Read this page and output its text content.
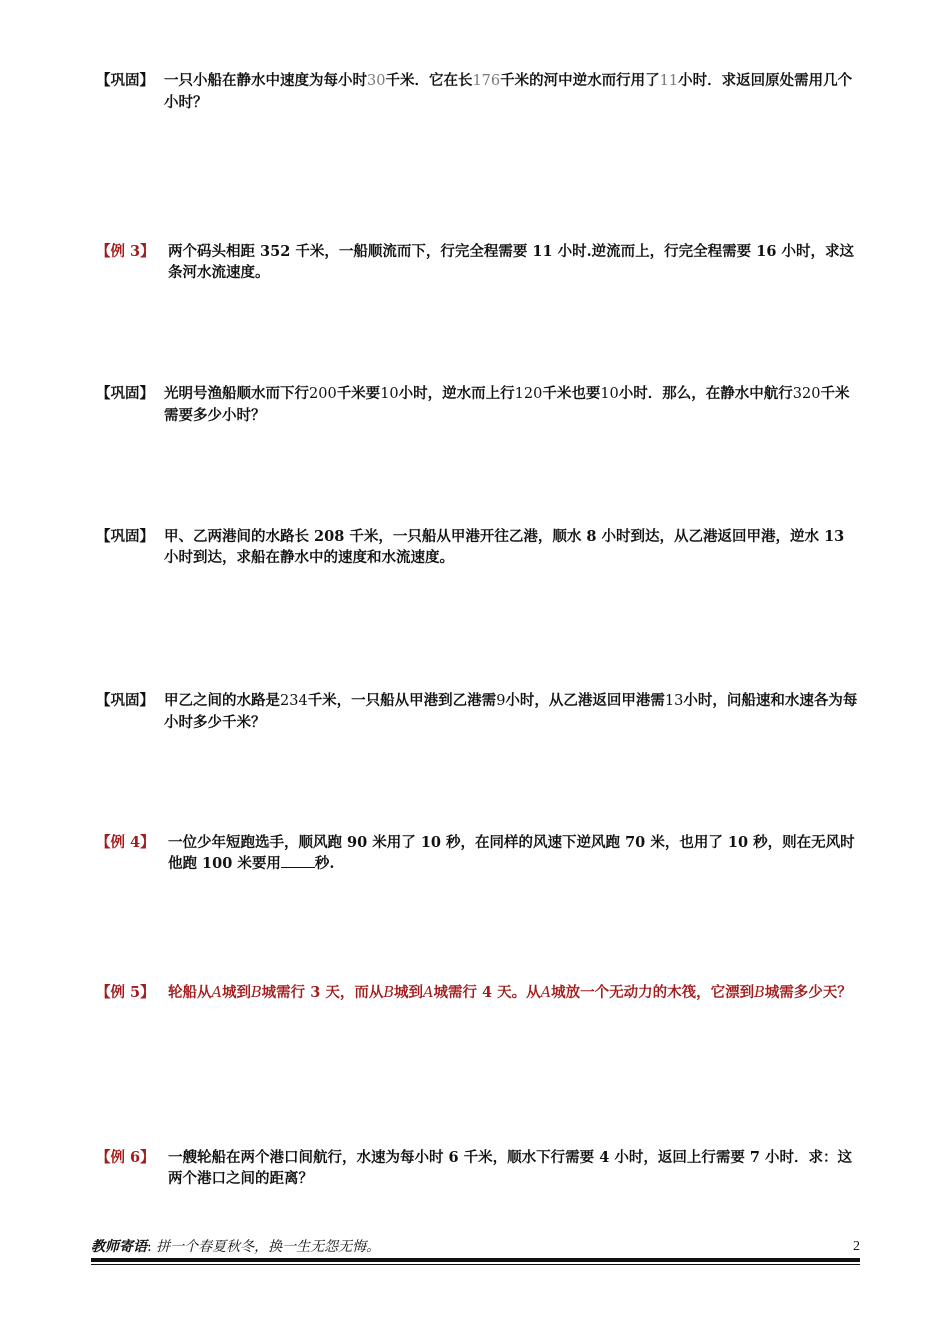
【巩固】 一只小船在静水中速度为每小时30千米．它在长176千米的河中逆水而行用了11小时．求返回原处需用几个小时？
【例 3】 两个码头相距 352 千米，一船顺流而下，行完全程需要 11 小时.逆流而上，行完全程需要 16 小时，求这条河水流速度。
【巩固】 光明号渔船顺水而下行200千米要10小时，逆水而上行120千米也要10小时．那么，在静水中航行320千米需要多少小时？
【巩固】 甲、乙两港间的水路长 208 千米，一只船从甲港开往乙港，顺水 8 小时到达，从乙港返回甲港，逆水 13 小时到达，求船在静水中的速度和水流速度。
【巩固】 甲乙之间的水路是234千米，一只船从甲港到乙港需9小时，从乙港返回甲港需13小时，问船速和水速各为每小时多少千米？
【例 4】 一位少年短跑选手，顺风跑 90 米用了 10 秒，在同样的风速下逆风跑 70 米，也用了 10 秒，则在无风时他跑 100 米要用 秒.
【例 5】 轮船从A城到B城需行 3 天，而从B城到A城需行 4 天。从A城放一个无动力的木筏，它漂到B城需多少天？
【例 6】 一艘轮船在两个港口间航行，水速为每小时 6 千米，顺水下行需要 4 小时，返回上行需要 7 小时．求：这两个港口之间的距离？
教师寄语: 拼一个春夏秋冬，换一生无怨无悔。	2
